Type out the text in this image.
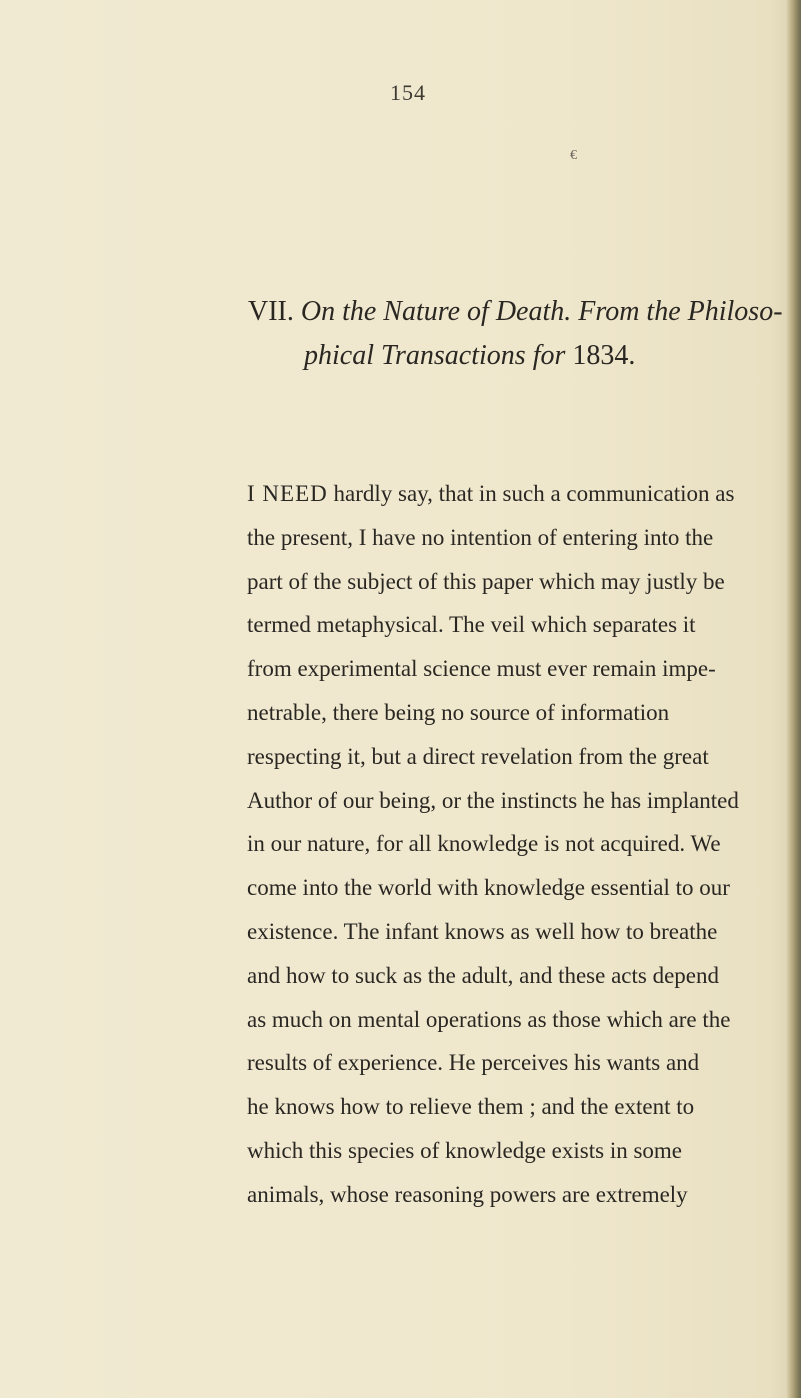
154
€
VII. On the Nature of Death. From the Philoso-
phical Transactions for 1834.
I NEED hardly say, that in such a communication as
the present, I have no intention of entering into the
part of the subject of this paper which may justly be
termed metaphysical. The veil which separates it
from experimental science must ever remain impe-
netrable, there being no source of information
respecting it, but a direct revelation from the great
Author of our being, or the instincts he has implanted
in our nature, for all knowledge is not acquired. We
come into the world with knowledge essential to our
existence. The infant knows as well how to breathe
and how to suck as the adult, and these acts depend
as much on mental operations as those which are the
results of experience. He perceives his wants and
he knows how to relieve them ; and the extent to
which this species of knowledge exists in some
animals, whose reasoning powers are extremely
